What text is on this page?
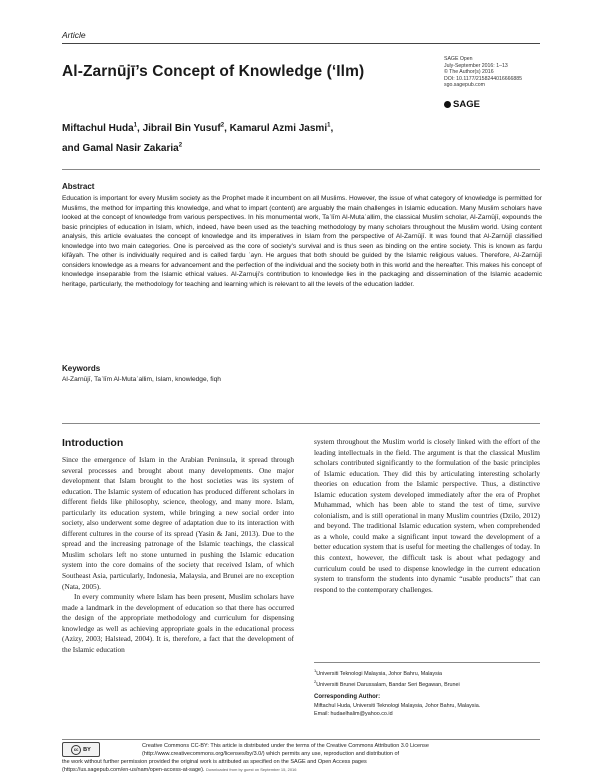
Article
Al-Zarnūjī’s Concept of Knowledge (‘Ilm)
SAGE Open
July-September 2016: 1–13
© The Author(s) 2016
DOI: 10.1177/2158244016666885
sgo.sagepub.com
SAGE
Miftachul Huda$^1$, Jibrail Bin Yusuf$^2$, Kamarul Azmi Jasmi$^1$,
and Gamal Nasir Zakaria$^2$
Abstract
Education is important for every Muslim society as the Prophet made it incumbent on all Muslims. However, the issue of what category of knowledge is permitted for Muslims, the method for imparting this knowledge, and what to impart (content) are arguably the main challenges in Islamic education. Many Muslim scholars have looked at the concept of knowledge from various perspectives. In his monumental work, Taʿlīm Al-Mutaʿallim, the classical Muslim scholar, Al-Zarnūjī, expounds the basic principles of education in Islam, which, indeed, have been used as the teaching methodology by many scholars throughout the Muslim world. Using content analysis, this article evaluates the concept of knowledge and its imperatives in Islam from the perspective of Al-Zarnūjī. It was found that Al-Zarnūjī classified knowledge into two main categories. One is perceived as the core of society’s survival and is thus seen as binding on the entire society. This is known as farḍu kifāyah. The other is individually required and is called farḍu ʿayn. He argues that both should be guided by the Islamic religious values. Therefore, Al-Zarnūjī considers knowledge as a means for advancement and the perfection of the individual and the society both in this world and the hereafter. This makes his concept of knowledge inseparable from the Islamic ethical values. Al-Zarnuji’s contribution to knowledge lies in the packaging and dissemination of the Islamic academic heritage, particularly, the methodology for teaching and learning which is relevant to all the levels of the education ladder.
Keywords
Al-Zarnūjī, Taʿlīm Al-Mutaʿallim, Islam, knowledge, fiqh
Introduction

Since the emergence of Islam in the Arabian Peninsula, it spread through several processes and brought about many developments. One major development that Islam brought to the host societies was its system of education. The Islamic system of education has produced different scholars in different fields like philosophy, science, theology, and many more. Islam, particularly its education system, while bringing a new social order into society, also underwent some degree of adaptation due to its interaction with different cultures in the course of its spread (Yasin & Jani, 2013). Due to the spread and the increasing patronage of the Islamic teachings, the classical Muslim scholars left no stone unturned in pushing the Islamic education system into the core domains of the society that received Islam, of which Southeast Asia, particularly, Indonesia, Malaysia, and Brunei are no exception (Nata, 2005).

In every community where Islam has been present, Muslim scholars have made a landmark in the development of education so that there has occurred the design of the appropriate methodology and curriculum for dispensing knowledge as well as achieving appropriate goals in the educational process (Azizy, 2003; Halstead, 2004). It is, therefore, a fact that the development of the Islamic education

system throughout the Muslim world is closely linked with the effort of the leading intellectuals in the field. The argument is that the classical Muslim scholars contributed significantly to the formulation of the basic principles of Islamic education. They did this by articulating interesting scholarly theories on education from the Islamic perspective. Thus, a distinctive Islamic education system developed immediately after the era of Prophet Muhammad, which has been able to stand the test of time, survive colonialism, and is still operational in many Muslim countries (Dzilo, 2012) and beyond. The traditional Islamic education system, when comprehended as a whole, could make a significant input toward the development of a better education system that is useful for meeting the challenges of today. In this context, however, the difficult task is about what pedagogy and curriculum could be used to dispense knowledge in the current education system to transform the students into dynamic “usable products” that can respond to the contemporary challenges.

$^1$Universiti Teknologi Malaysia, Johor Bahru, Malaysia
$^2$Universiti Brunei Darussalam, Bandar Seri Begawan, Brunei
Corresponding Author:
Miftachul Huda, Universiti Teknologi Malaysia, Johor Bahru, Malaysia.
Email: hudaelhalim@yahoo.co.id
cc BY
Creative Commons CC-BY: This article is distributed under the terms of the Creative Commons Attribution 3.0 License
(http://www.creativecommons.org/licenses/by/3.0/) which permits any use, reproduction and distribution of
the work without further permission provided the original work is attributed as specified on the SAGE and Open Access pages
(https://us.sagepub.com/en-us/nam/open-access-at-sage). Downloaded from by guest on September 15, 2016
